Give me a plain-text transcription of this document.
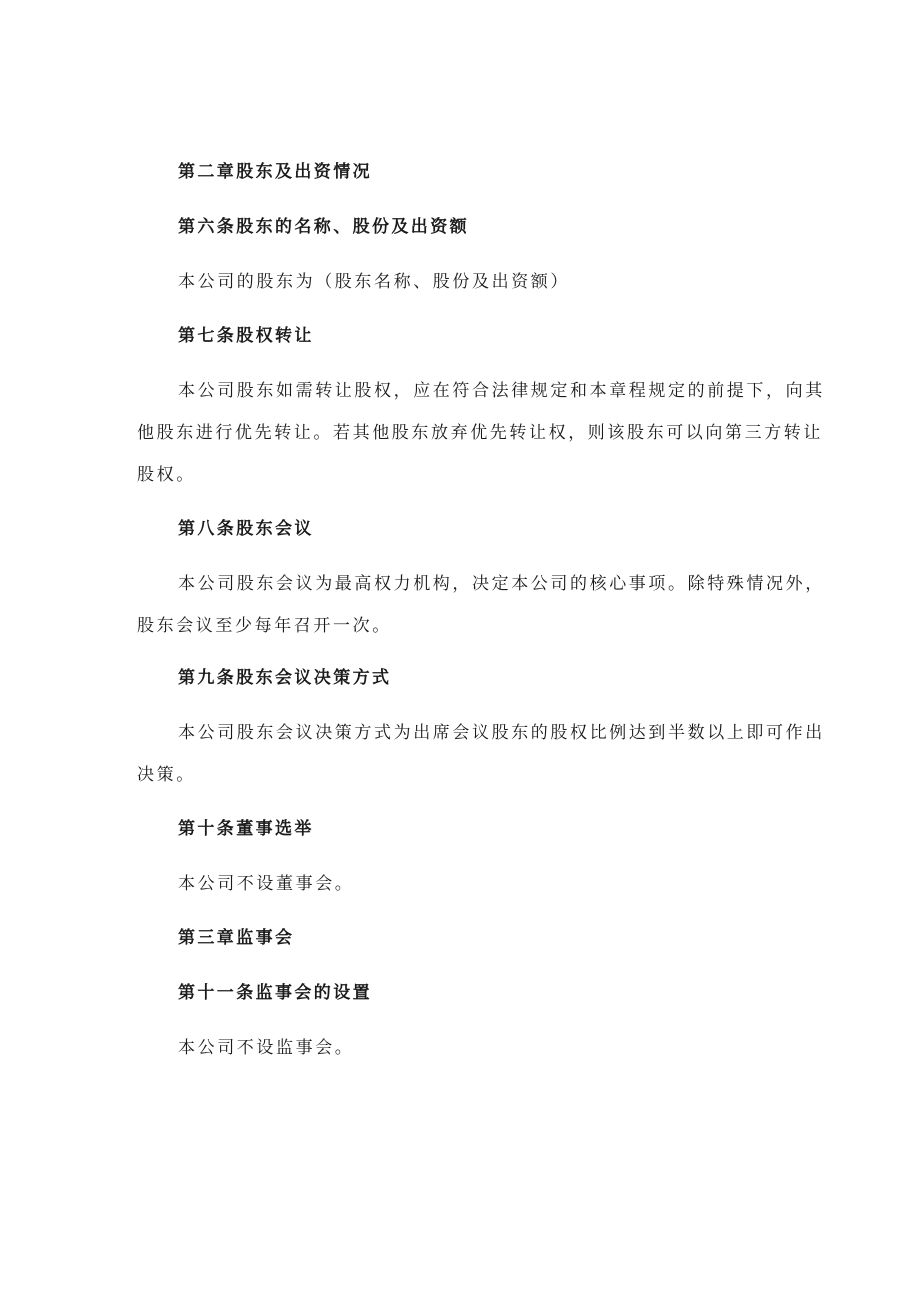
第二章股东及出资情况
第六条股东的名称、股份及出资额
本公司的股东为（股东名称、股份及出资额）
第七条股权转让
本公司股东如需转让股权，应在符合法律规定和本章程规定的前提下，向其
他股东进行优先转让。若其他股东放弃优先转让权，则该股东可以向第三方转让
股权。
第八条股东会议
本公司股东会议为最高权力机构，决定本公司的核心事项。除特殊情况外，
股东会议至少每年召开一次。
第九条股东会议决策方式
本公司股东会议决策方式为出席会议股东的股权比例达到半数以上即可作出
决策。
第十条董事选举
本公司不设董事会。
第三章监事会
第十一条监事会的设置
本公司不设监事会。
